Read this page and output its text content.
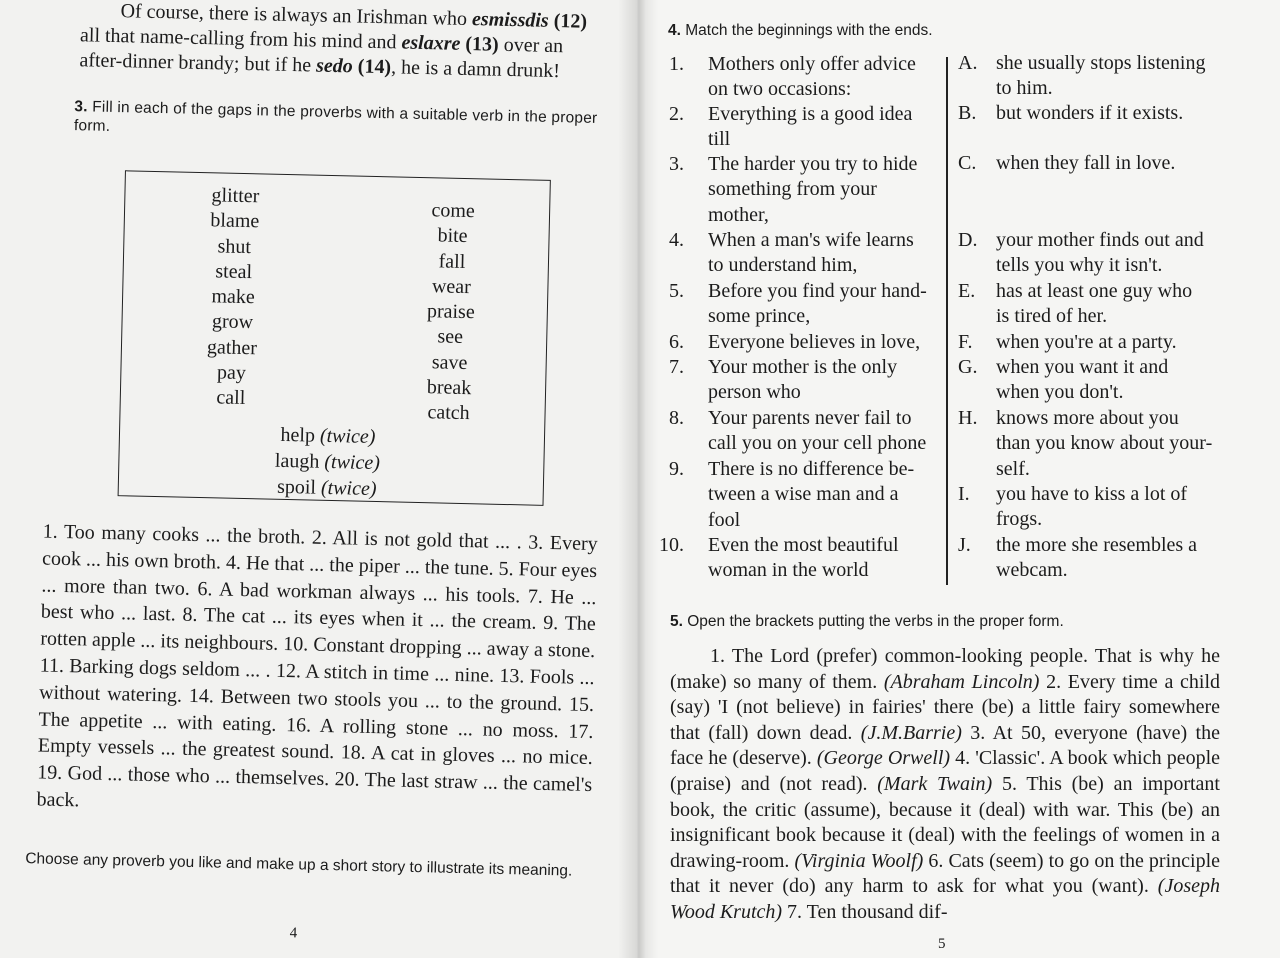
Of course, there is always an Irishman who esmissdis (12)
all that name-calling from his mind and eslaxre (13) over an
after-dinner brandy; but if he sedo (14), he is a damn drunk!
3. Fill in each of the gaps in the proverbs with a suitable verb in the proper form.
glitter
blame
shut
steal
make
grow
gather
pay
call
come
bite
fall
wear
praise
see
save
break
catch
help (twice)
laugh (twice)
spoil (twice)
1. Too many cooks ... the broth. 2. All is not gold that ... . 3. Every cook ... his own broth. 4. He that ... the piper ... the tune. 5. Four eyes ... more than two. 6. A bad workman always ... his tools. 7. He ... best who ... last. 8. The cat ... its eyes when it ... the cream. 9. The rotten apple ... its neighbours. 10. Constant dropping ... away a stone. 11. Barking dogs seldom ... . 12. A stitch in time ... nine. 13. Fools ... without watering. 14. Between two stools you ... to the ground. 15. The appetite ... with eating. 16. A rolling stone ... no moss. 17. Empty vessels ... the greatest sound. 18. A cat in gloves ... no mice. 19. God ... those who ... themselves. 20. The last straw ... the camel's back.
Choose any proverb you like and make up a short story to illustrate its meaning.
4
4. Match the beginnings with the ends.
1. Mothers only offer advice
on two occasions:
2. Everything is a good idea
till
3. The harder you try to hide
something from your
mother,
4. When a man's wife learns
to understand him,
5. Before you find your hand-
some prince,
6. Everyone believes in love,
7. Your mother is the only
person who
8. Your parents never fail to
call you on your cell phone
9. There is no difference be-
tween a wise man and a
fool
10. Even the most beautiful
woman in the world
A. she usually stops listening
to him.
B. but wonders if it exists.
C. when they fall in love.
D. your mother finds out and
tells you why it isn't.
E.	has at least one guy who
is tired of her.
F.	when you're at a party.
G. when you want it and
when you don't.
H. knows more about you
than you know about your-
self.
I.	you have to kiss a lot of
frogs.
J.	the more she resembles a
webcam.
5. Open the brackets putting the verbs in the proper form.
1. The Lord (prefer) common-looking people. That is why he (make) so many of them. (Abraham Lincoln) 2. Every time a child (say) 'I (not believe) in fairies' there (be) a little fairy somewhere that (fall) down dead. (J.M.Barrie) 3. At 50, everyone (have) the face he (deserve). (George Orwell) 4. 'Classic'. A book which people (praise) and (not read). (Mark Twain) 5. This (be) an important book, the critic (assume), because it (deal) with war. This (be) an insignificant book because it (deal) with the feelings of women in a drawing-room. (Virginia Woolf) 6. Cats (seem) to go on the principle that it never (do) any harm to ask for what you (want). (Joseph Wood Krutch) 7. Ten thousand dif-
5
